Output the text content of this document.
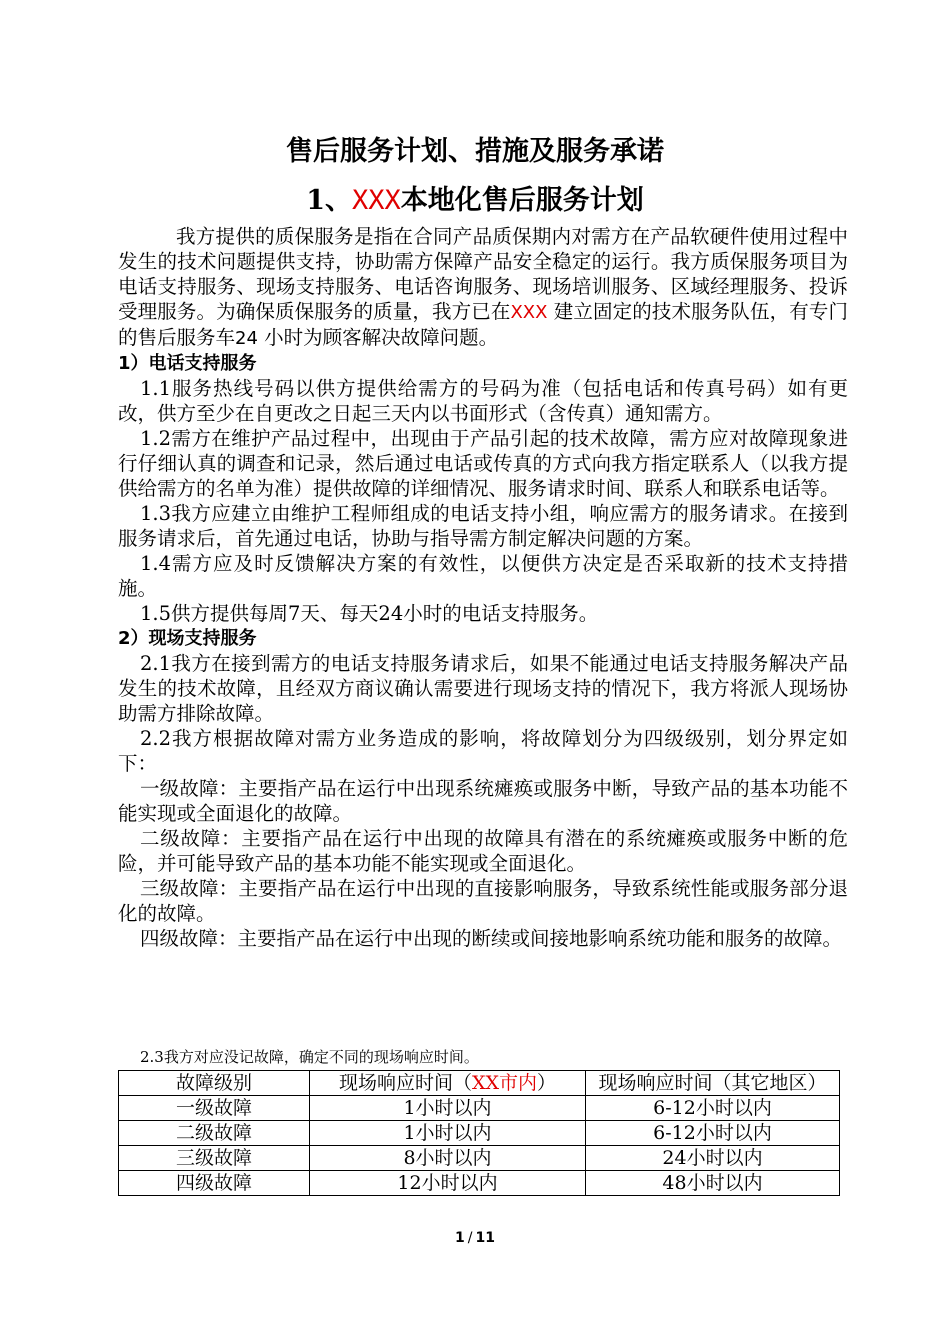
售后服务计划、措施及服务承诺
1、XXX本地化售后服务计划

我方提供的质保服务是指在合同产品质保期内对需方在产品软硬件使用过程中发生的技术问题提供支持，协助需方保障产品安全稳定的运行。我方质保服务项目为电话支持服务、现场支持服务、电话咨询服务、现场培训服务、区域经理服务、投诉受理服务。为确保质保服务的质量，我方已在XXX 建立固定的技术服务队伍，有专门的售后服务车24 小时为顾客解决故障问题。

1）电话支持服务

1.1服务热线号码以供方提供给需方的号码为准（包括电话和传真号码）如有更改，供方至少在自更改之日起三天内以书面形式（含传真）通知需方。

1.2需方在维护产品过程中，出现由于产品引起的技术故障，需方应对故障现象进行仔细认真的调查和记录，然后通过电话或传真的方式向我方指定联系人（以我方提供给需方的名单为准）提供故障的详细情况、服务请求时间、联系人和联系电话等。

1.3我方应建立由维护工程师组成的电话支持小组，响应需方的服务请求。在接到服务请求后，首先通过电话，协助与指导需方制定解决问题的方案。

1.4需方应及时反馈解决方案的有效性，以便供方决定是否采取新的技术支持措施。

1.5供方提供每周7天、每天24小时的电话支持服务。

2）现场支持服务

2.1我方在接到需方的电话支持服务请求后，如果不能通过电话支持服务解决产品发生的技术故障，且经双方商议确认需要进行现场支持的情况下，我方将派人现场协助需方排除故障。

2.2我方根据故障对需方业务造成的影响，将故障划分为四级级别，划分界定如下：

一级故障：主要指产品在运行中出现系统瘫痪或服务中断，导致产品的基本功能不能实现或全面退化的故障。

二级故障：主要指产品在运行中出现的故障具有潜在的系统瘫痪或服务中断的危险，并可能导致产品的基本功能不能实现或全面退化。

三级故障：主要指产品在运行中出现的直接影响服务，导致系统性能或服务部分退化的故障。

四级故障：主要指产品在运行中出现的断续或间接地影响系统功能和服务的故障。

2.3我方对应没记故障，确定不同的现场响应时间。
故障级别	现场响应时间（XX市内）	现场响应时间（其它地区）
一级故障	1小时以内	6-12小时以内
二级故障	1小时以内	6-12小时以内
三级故障	8小时以内	24小时以内
四级故障	12小时以内	48小时以内
1 / 11
